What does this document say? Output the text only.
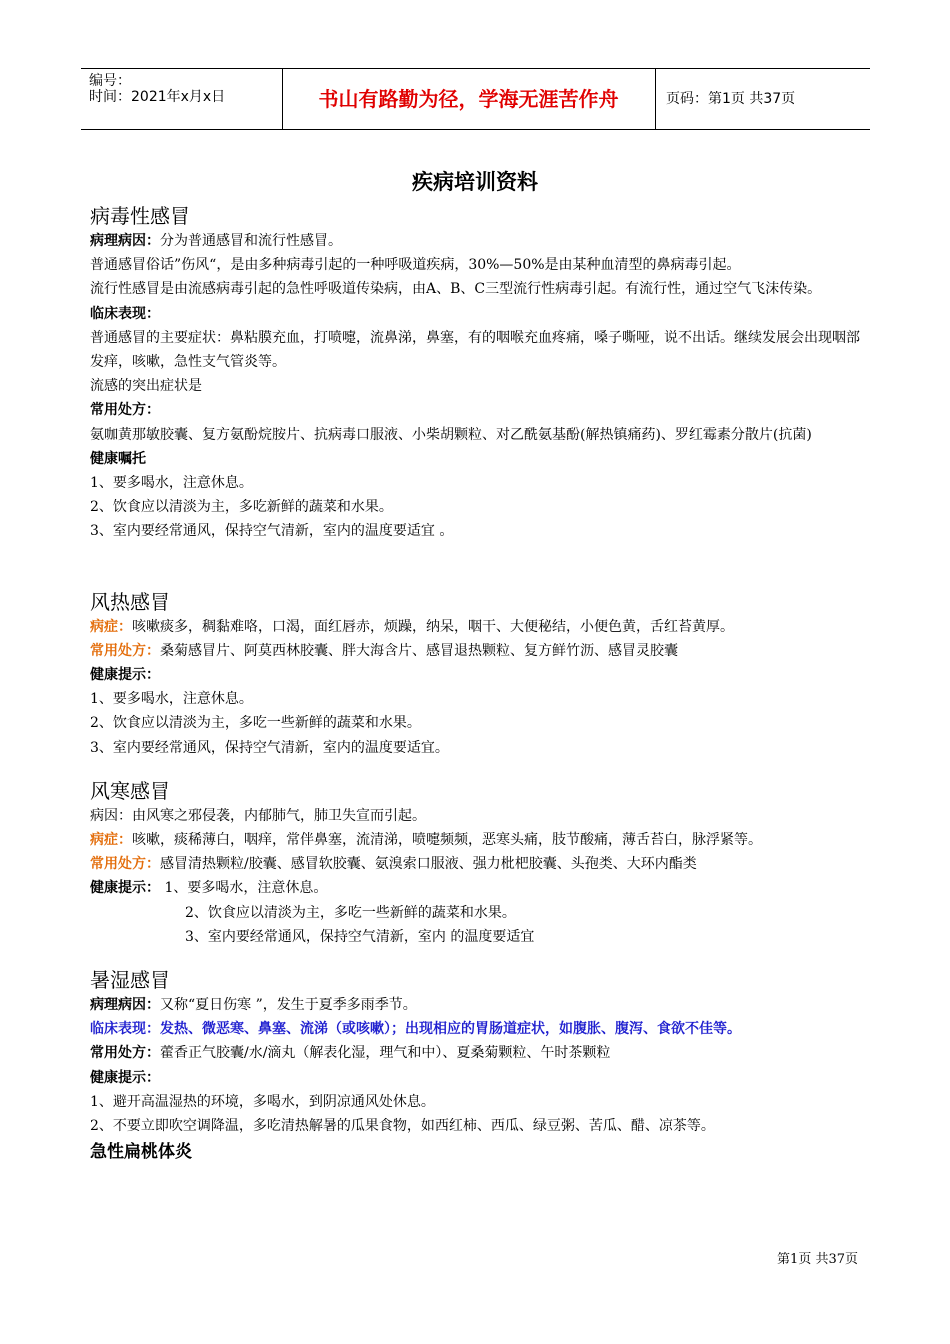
编号：
时间：2021年x月x日	书山有路勤为径，学海无涯苦作舟	页码：第1页 共37页
疾病培训资料
病毒性感冒

病理病因：分为普通感冒和流行性感冒。

普通感冒俗话”伤风“，是由多种病毒引起的一种呼吸道疾病，30%—50%是由某种血清型的鼻病毒引起。

流行性感冒是由流感病毒引起的急性呼吸道传染病，由A、B、C三型流行性病毒引起。有流行性，通过空气飞沫传染。

临床表现：

普通感冒的主要症状：鼻粘膜充血，打喷嚏，流鼻涕，鼻塞，有的咽喉充血疼痛，嗓子嘶哑，说不出话。继续发展会出现咽部发痒，咳嗽，急性支气管炎等。

流感的突出症状是

常用处方：

氨咖黄那敏胶囊、复方氨酚烷胺片、抗病毒口服液、小柴胡颗粒、对乙酰氨基酚(解热镇痛药)、罗红霉素分散片(抗菌)

健康嘱托

1、要多喝水，注意休息。

2、饮食应以清淡为主，多吃新鲜的蔬菜和水果。

3、室内要经常通风，保持空气清新，室内的温度要适宜 。

风热感冒

病症：咳嗽痰多，稠黏难咯，口渴，面红唇赤，烦躁，纳呆，咽干、大便秘结，小便色黄，舌红苔黄厚。

常用处方：桑菊感冒片、阿莫西林胶囊、胖大海含片、感冒退热颗粒、复方鲜竹沥、感冒灵胶囊

健康提示：

1、要多喝水，注意休息。

2、饮食应以清淡为主，多吃一些新鲜的蔬菜和水果。

3、室内要经常通风，保持空气清新，室内的温度要适宜。

风寒感冒

病因：由风寒之邪侵袭，内郁肺气，肺卫失宣而引起。

病症：咳嗽，痰稀薄白，咽痒，常伴鼻塞，流清涕，喷嚏频频，恶寒头痛，肢节酸痛，薄舌苔白，脉浮紧等。

常用处方：感冒清热颗粒/胶囊、感冒软胶囊、氨溴索口服液、强力枇杷胶囊、头孢类、大环内酯类

健康提示： 1、要多喝水，注意休息。

2、饮食应以清淡为主，多吃一些新鲜的蔬菜和水果。

3、室内要经常通风，保持空气清新，室内 的温度要适宜

暑湿感冒

病理病因：又称“夏日伤寒 ”，发生于夏季多雨季节。

临床表现：发热、微恶寒、鼻塞、流涕（或咳嗽）；出现相应的胃肠道症状，如腹胀、腹泻、食欲不佳等。

常用处方：藿香正气胶囊/水/滴丸（解表化湿，理气和中）、夏桑菊颗粒、午时茶颗粒

健康提示：

1、避开高温湿热的环境，多喝水，到阴凉通风处休息。

2、不要立即吹空调降温，多吃清热解暑的瓜果食物，如西红柿、西瓜、绿豆粥、苦瓜、醋、凉茶等。

急性扁桃体炎

第1页 共37页
